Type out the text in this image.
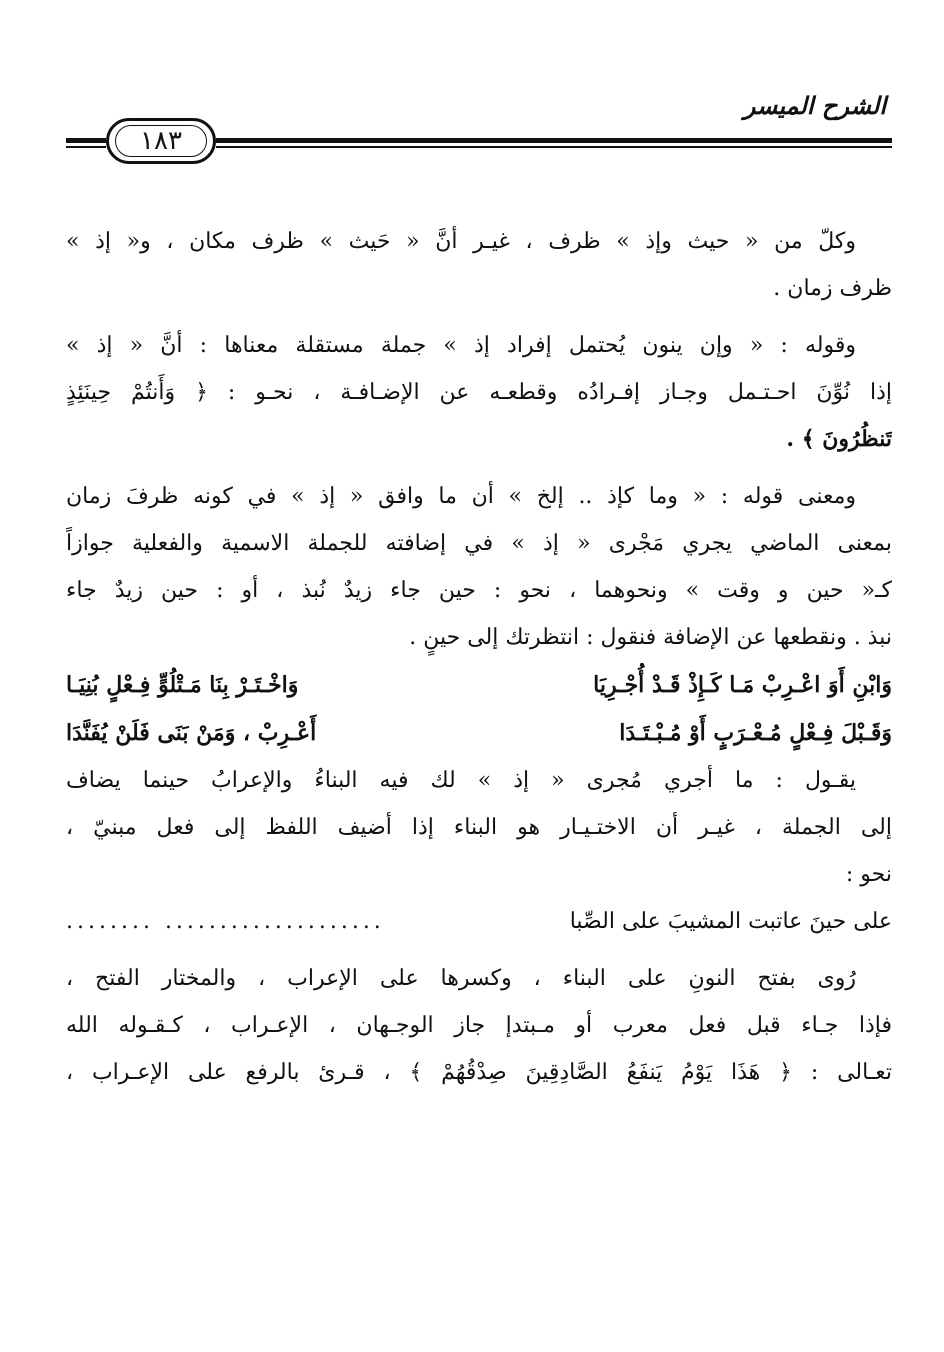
الشرح الميسر
١٨٣
وكلّ من « حيث وإذ » ظرف ، غيـر أنَّ « حَيث » ظرف مكان ، و« إذ »
ظرف زمان .
وقوله : « وإن ينون يُحتمل إفراد إذ » جملة مستقلة معناها : أنَّ « إذ »
إذا نُوِّنَ احـتـمل وجـاز إفـرادُه وقطعـه عن الإضـافـة ، نحـو : ﴿ وَأَنتُمْ حِينَئِذٍ
تَنظُرُونَ ﴾ .
ومعنى قوله : « وما كإذ .. إلخ » أن ما وافق « إذ » في كونه ظرفَ زمان
بمعنى الماضي يجري مَجْرى « إذ » في إضافته للجملة الاسمية والفعلية جوازاً
كـ« حين و وقت » ونحوهما ، نحو : حين جاء زيدٌ نُبذ ، أو : حين زيدٌ جاء
نبذ . ونقطعها عن الإضافة فنقول : انتظرتك إلى حينٍ .
وَابْنِ أَوَ اعْـرِبْ مَـا كَـإِذْ قَـدْ أُجْـرِيَا
وَاخْـتَـرْ بِنَا مَـتْلُوٍّ فِـعْلٍ بُنِيَـا
وَقَـبْلَ فِـعْلٍ مُـعْـرَبٍ أَوْ مُـبْـتَـدَا
أَعْـرِبْ ، وَمَنْ بَنَى فَلَنْ يُفَنَّدَا
يقـول : ما أجري مُجرى « إذ » لك فيه البناءُ والإعرابُ حينما يضاف
إلى الجملة ، غيـر أن الاختـيـار هو البناء إذا أضيف اللفظ إلى فعل مبنيّ ،
نحو :
على حينَ عاتبت المشيبَ على الصِّبا
........ ....................
رُوى بفتح النونِ على البناء ، وكسرها على الإعراب ، والمختار الفتح ،
فإذا جـاء قبل فعل معرب أو مـبتدإ جاز الوجـهان ، الإعـراب ، كـقـوله الله
تعـالى : ﴿ هَذَا يَوْمُ يَنفَعُ الصَّادِقِينَ صِدْقُهُمْ ﴾ ، قـرئ بالرفع على الإعـراب ،
